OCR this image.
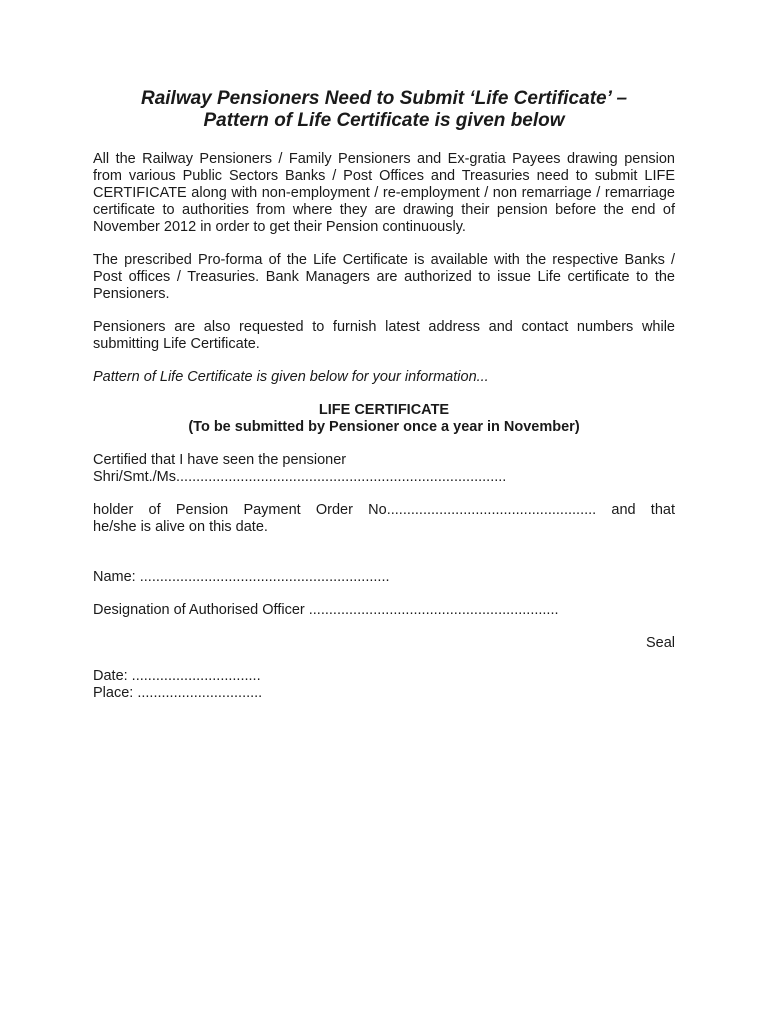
Railway Pensioners Need to Submit ‘Life Certificate’ –
Pattern of Life Certificate is given below

All the Railway Pensioners / Family Pensioners and Ex-gratia Payees drawing pension from various Public Sectors Banks / Post Offices and Treasuries need to submit LIFE CERTIFICATE along with non-employment / re-employment / non remarriage / remarriage certificate to authorities from where they are drawing their pension before the end of November 2012 in order to get their Pension continuously.

The prescribed Pro-forma of the Life Certificate is available with the respective Banks / Post offices / Treasuries. Bank Managers are authorized to issue Life certificate to the Pensioners.

Pensioners are also requested to furnish latest address and contact numbers while submitting Life Certificate.

Pattern of Life Certificate is given below for your information...

LIFE CERTIFICATE
(To be submitted by Pensioner once a year in November)
Certified that I have seen the pensioner
Shri/Smt./Ms..................................................................................
holder of Pension Payment Order No.................................................... and that
he/she is alive on this date.
Name: ..............................................................
Designation of Authorised Officer ..............................................................
Seal
Date: ................................
Place: ...............................
